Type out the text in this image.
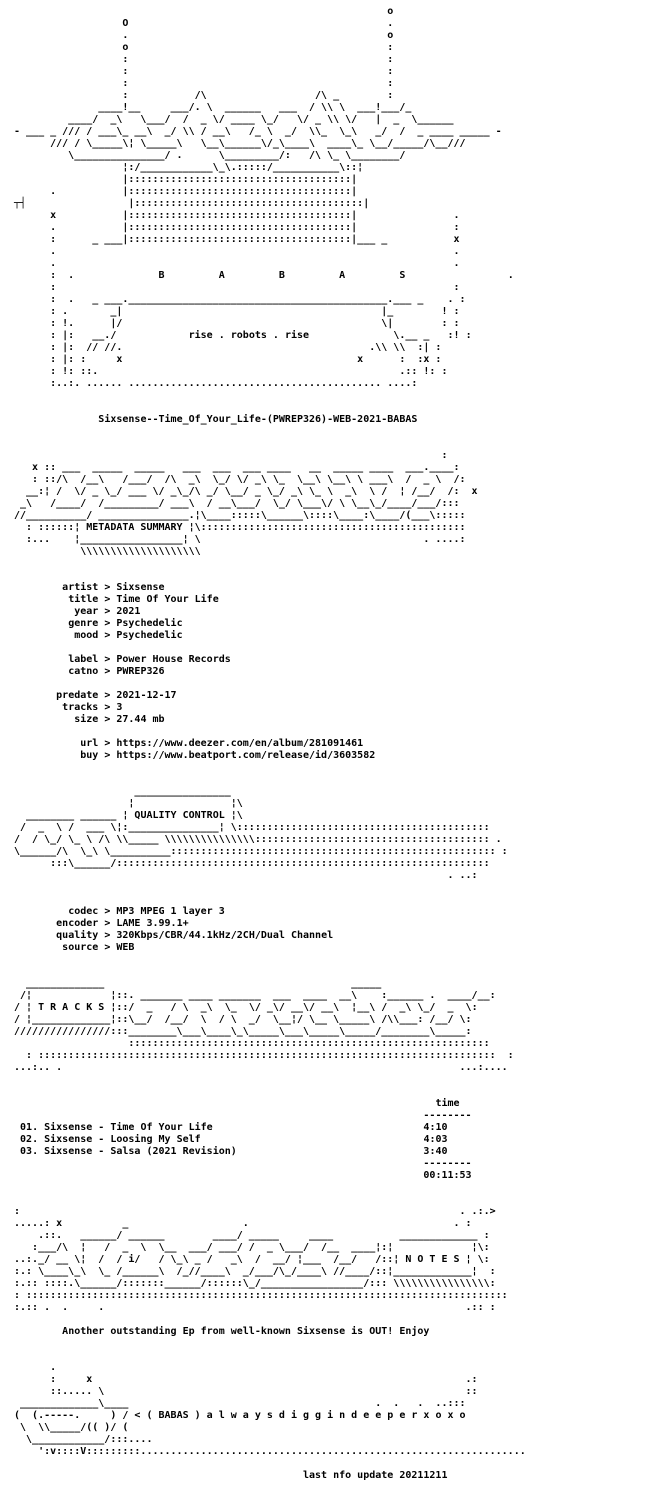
o
O                                           .
.                                           o
o                                           :
:                                           :
:                                           :
:                                           :
:           /\                  /\ _        :
____!__     ___/. \  ______   ___  / \\ \  ___!___/_
____/  _\   \___/  /  _ \/ ____ \_/   \/ _ \\ \/   |  _  \______
- ___ _ /// / ___\_ __\  _/ \\ / __\   /_ \  _/  \\_  \_\   _/  /  _ ____ _____ -
/// / \_____\¦ \_____\   \__\______\/_\____\  ____\_ \__/_____/\__///
\_______________/ .      \_________/:   /\ \_ \________/
¦:/____________\_\.:::::/___________\::¦
|:::::::::::::::::::::::::::::::::::::|
.           |:::::::::::::::::::::::::::::::::::::|
┬┤                 |::::::::::::::::::::::::::::::::::::::|
x           |:::::::::::::::::::::::::::::::::::::|                .
.           |:::::::::::::::::::::::::::::::::::::|                :
:      _ ___|:::::::::::::::::::::::::::::::::::::|___ _           x
.                                                                  .
.                                                                  .
:  .              B         A         B         A         S                 .
:                                                                  :
:  .   _ ___.___________________________________________.___ _    . :
: .       _|                                           |_        ! :
: !.      |/                                           \|        : :
: |:   __./            rise . robots . rise              \.__ _   :! :
: |:  // //.                                         .\\ \\  :| :
: |: :     x                                       x      :  :x :
: !: ::.                                                  .:: !: :
:..:. ...... .......................................... ....:

Sixsense--Time_Of_Your_Life-(PWREP326)-WEB-2021-BABAS

:
x :: ___  _____  _____   ___  ___  ___ ____   __  _____ ____  ___.____:
: ::/\  /__\   /___/  /\  _\  \_/ \/ _\ \_  \__\ \__\ \ ___\  /  _ \  /:
__:¦ /  \/ _ \_/ ___ \/ _\_/\ _/ \__/ _ \_/ _\ \_ \  _\  \ /  ¦ /__/  /:  x
_\   /____/  /_________/ ___\  / __\___/  \_/ \___\/ \ \__\_/____/___/:::
//__________/ _______________.¦\____:::::\______\::::\____:\____/(___\:::::
: ::::::¦ METADATA SUMMARY ¦\::::::::::::::::::::::::::::::::::::::::::::
:...    ¦_________________¦ \                                     . ....:
\\\\\\\\\\\\\\\\\\\\

artist > Sixsense
title > Time Of Your Life
year > 2021
genre > Psychedelic
mood > Psychedelic

label > Power House Records
catno > PWREP326

predate > 2021-12-17
tracks > 3
size > 27.44 mb

url > https://www.deezer.com/en/album/281091461
buy > https://www.beatport.com/release/id/3603582

________________
¦                ¦\
________ ______ ¦ QUALITY CONTROL ¦\
/  _  \ /  ___ \¦:_______________¦ \::::::::::::::::::::::::::::::::::::::::::
/  / \_/ \_ \ /\ \\_____ \\\\\\\\\\\\\\\::::::::::::::::::::::::::::::::::::::: .
\______/\  \_\ \__________:::::::::::::::::::::::::::::::::::::::::::::::::::::: :
:::\______/::::::::::::::::::::::::::::::::::::::::::::::::::::::::::::::
. ..:

codec > MP3 MPEG 1 layer 3
encoder > LAME 3.99.1+
quality > 320Kbps/CBR/44.1kHz/2CH/Dual Channel
source > WEB

_____________                                         _____
/¦             ¦::. _______ ____ _______  ___  ____  __\    :______ .  ____/__:
/ ¦ T R A C K S ¦::/  _   / \  _\  \_  \/ _\/ __\/ __\  ¦__\ /  _\ \_/  _  \:
/ ¦_____________¦::\__/  /__/  \  / \  _/  \__¦/ \__ \_____\ /\\___: /__/ \:
////////////////:::________\___\____\_\_____\___\_____\_____/________\_____:
::::::::::::::::::::::::::::::::::::::::::::::::::::::::::::
: ::::::::::::::::::::::::::::::::::::::::::::::::::::::::::::::::::::::::::::  :
...:.. .                                                                  ...:....

time
--------
01. Sixsense - Time Of Your Life	4:10
02. Sixsense - Loosing My Self	4:03
03. Sixsense - Salsa (2021 Revision)	3:40
--------
00:11:53

:                                                                         . .:.>
.....: x          _                   .                                  . :
.::.   ______/ ______        ____/ _____     ____           _____________ :
:___/\  ¦   /  _  \  \__  ___/ ___/ /  _ \___/  /__  ____¦:¦             ¦\:
..:._/ __ \¦  /  / i/   / \_\ _ /   _\  /  __/ ¦___  /__/   /::¦ N O T E S ¦ \:
:.: \____\_\  \_ /______\  /_//____\  _/___/\_/____\ //____/::¦_____________¦  :
:.:: ::::.\______/:::::::______/::::::\_/_________________/::: \\\\\\\\\\\\\\\\:
: ::::::::::::::::::::::::::::::::::::::::::::::::::::::::::::::::::::::::::::::::
:.:: .  .     .                                                            .:: :

Another outstanding Ep from well-known Sixsense is OUT! Enjoy

.
:     x                                                              .:
::..... \                                                            ::
_____________\____                                         .  .   .  ..:::
(  (.-----.     ) / < ( BABAS ) a l w a y s d i g g i n d e e p e r x o x o
\  \\_____/(( )/ (
\____________/:::....
':v::::V:::::::::................................................................

last nfo update 20211211
